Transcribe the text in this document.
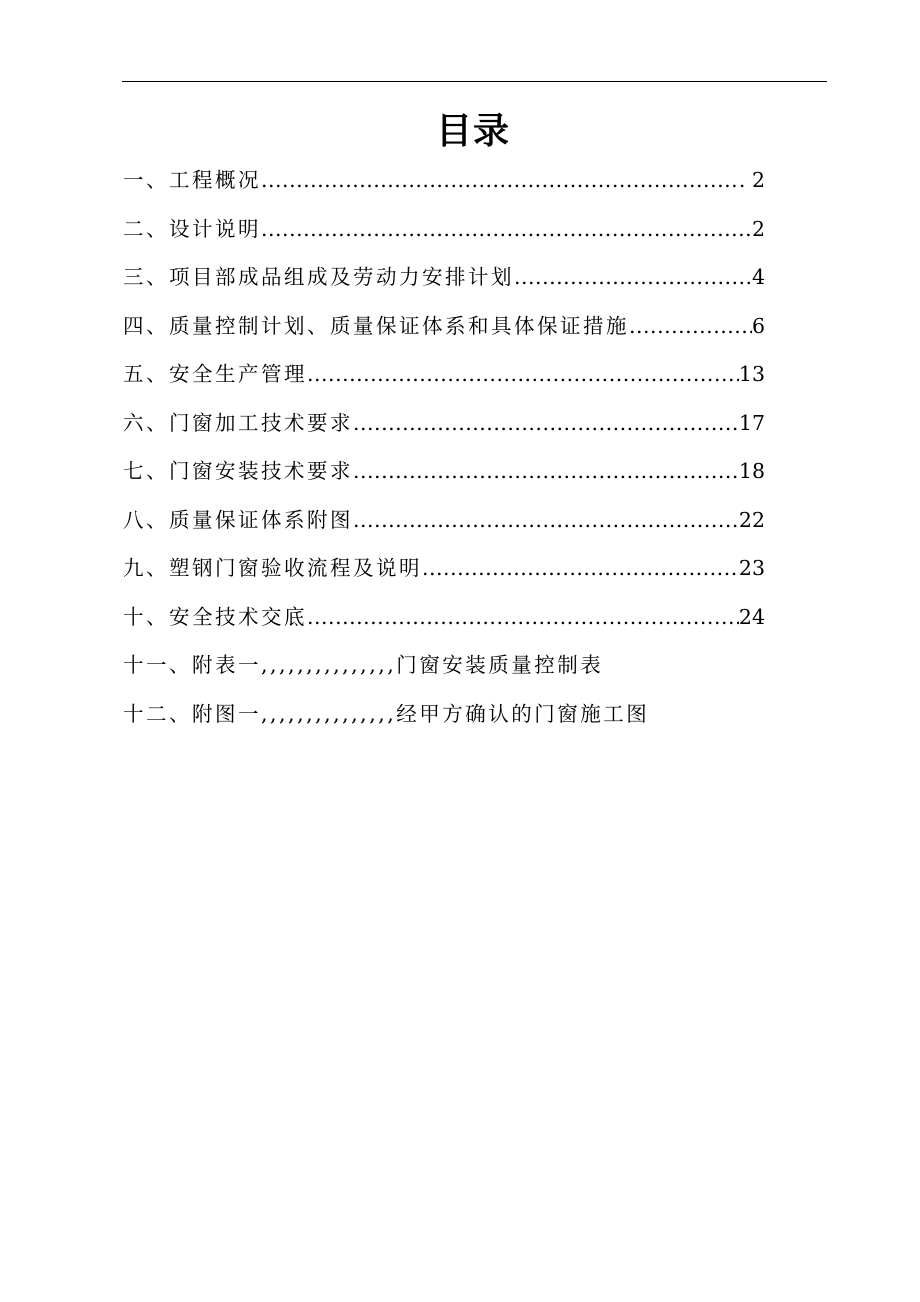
目录
一、工程概况 .....	. 2
二、设计说明 .....	2
三、项目部成品组成及劳动力安排计划 .....	4
四、质量控制计划、质量保证体系和具体保证措施 .....	6
五、安全生产管理 .....	13
六、门窗加工技术要求 .....	17
七、门窗安装技术要求 .....	18
八、质量保证体系附图 .....	22
九、塑钢门窗验收流程及说明 .....	23
十、安全技术交底 .....	24
十一、附表一,,,,,,,,,,,,,,,门窗安装质量控制表
十二、附图一,,,,,,,,,,,,,,,经甲方确认的门窗施工图
